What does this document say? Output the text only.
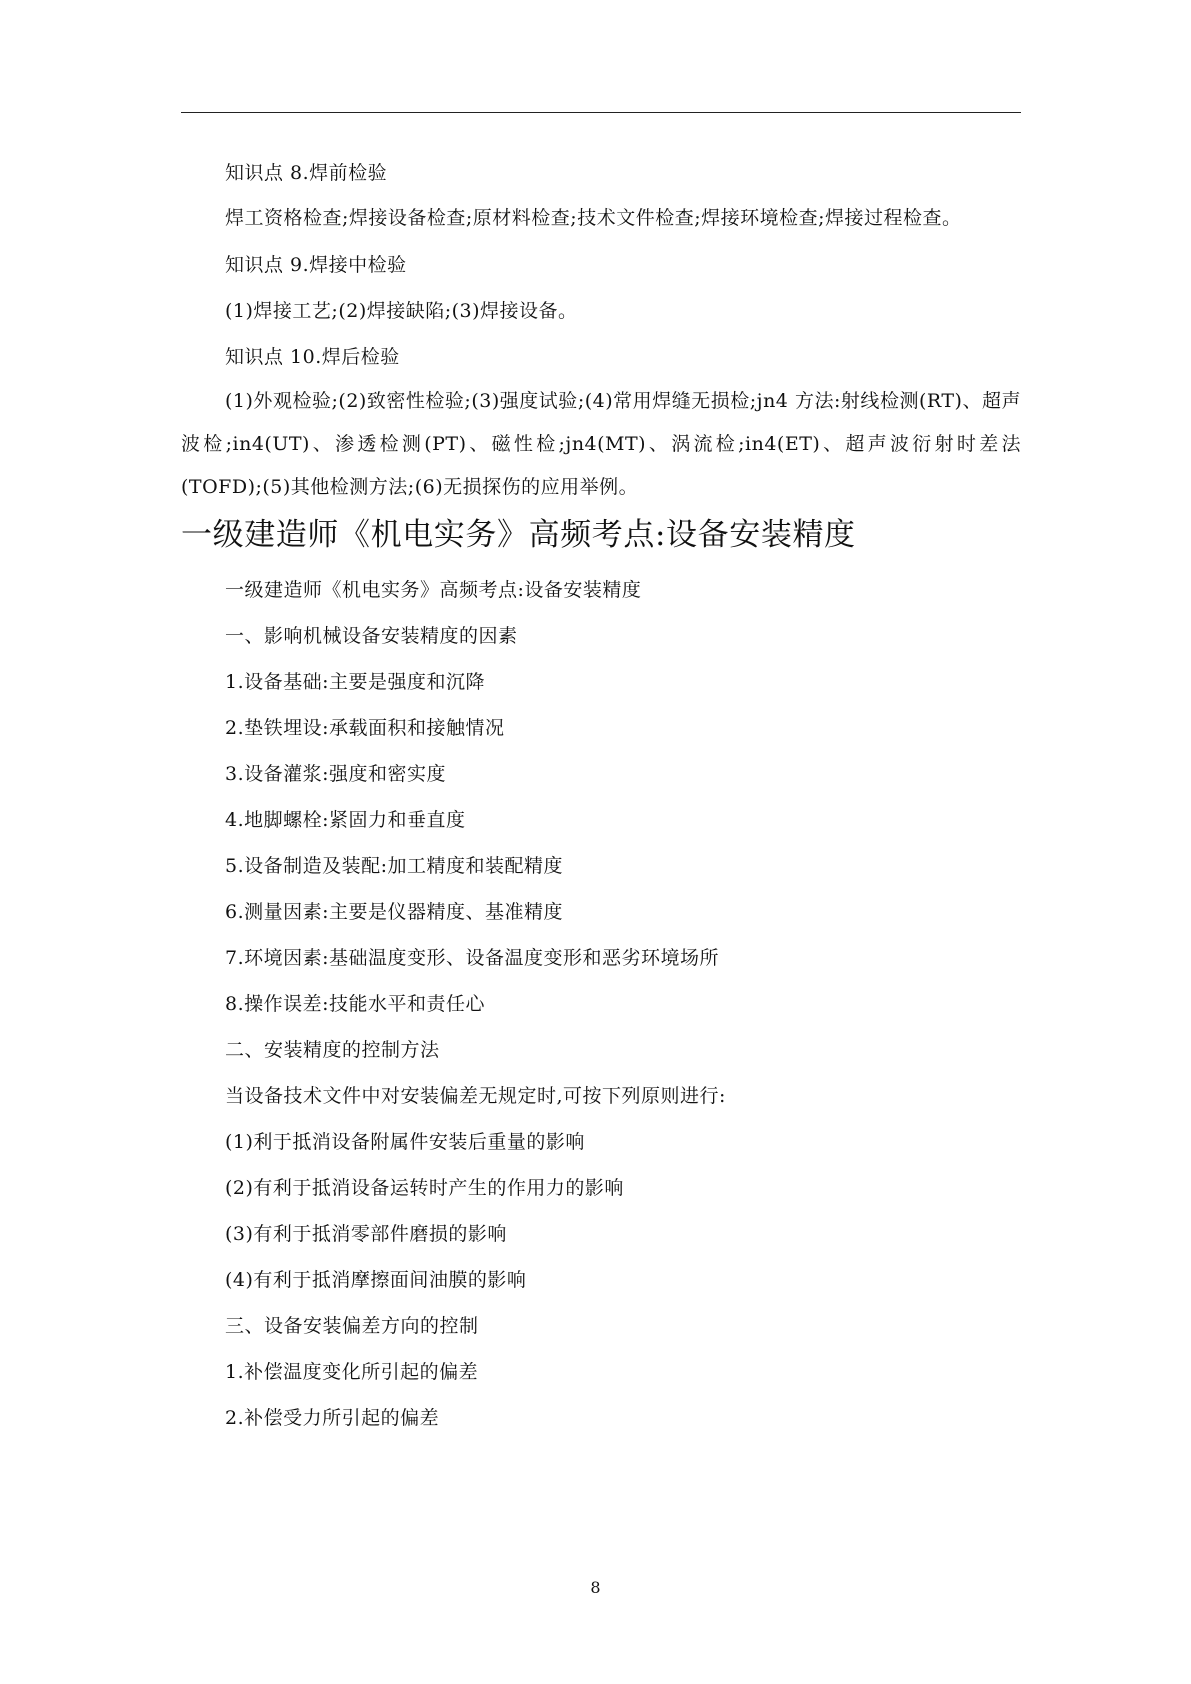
知识点 8.焊前检验

焊工资格检查;焊接设备检查;原材料检查;技术文件检查;焊接环境检查;焊接过程检查。

知识点 9.焊接中检验

(1)焊接工艺;(2)焊接缺陷;(3)焊接设备。

知识点 10.焊后检验

(1)外观检验;(2)致密性检验;(3)强度试验;(4)常用焊缝无损检;jn4 方法:射线检测(RT)、超声波检;in4(UT)、渗透检测(PT)、磁性检;jn4(MT)、涡流检;in4(ET)、超声波衍射时差法(TOFD);(5)其他检测方法;(6)无损探伤的应用举例。

一级建造师《机电实务》高频考点:设备安装精度

一级建造师《机电实务》高频考点:设备安装精度

一、影响机械设备安装精度的因素

1.设备基础:主要是强度和沉降

2.垫铁埋设:承载面积和接触情况

3.设备灌浆:强度和密实度

4.地脚螺栓:紧固力和垂直度

5.设备制造及装配:加工精度和装配精度

6.测量因素:主要是仪器精度、基准精度

7.环境因素:基础温度变形、设备温度变形和恶劣环境场所

8.操作误差:技能水平和责任心

二、安装精度的控制方法

当设备技术文件中对安装偏差无规定时,可按下列原则进行:

(1)利于抵消设备附属件安装后重量的影响

(2)有利于抵消设备运转时产生的作用力的影响

(3)有利于抵消零部件磨损的影响

(4)有利于抵消摩擦面间油膜的影响

三、设备安装偏差方向的控制

1.补偿温度变化所引起的偏差

2.补偿受力所引起的偏差

8
